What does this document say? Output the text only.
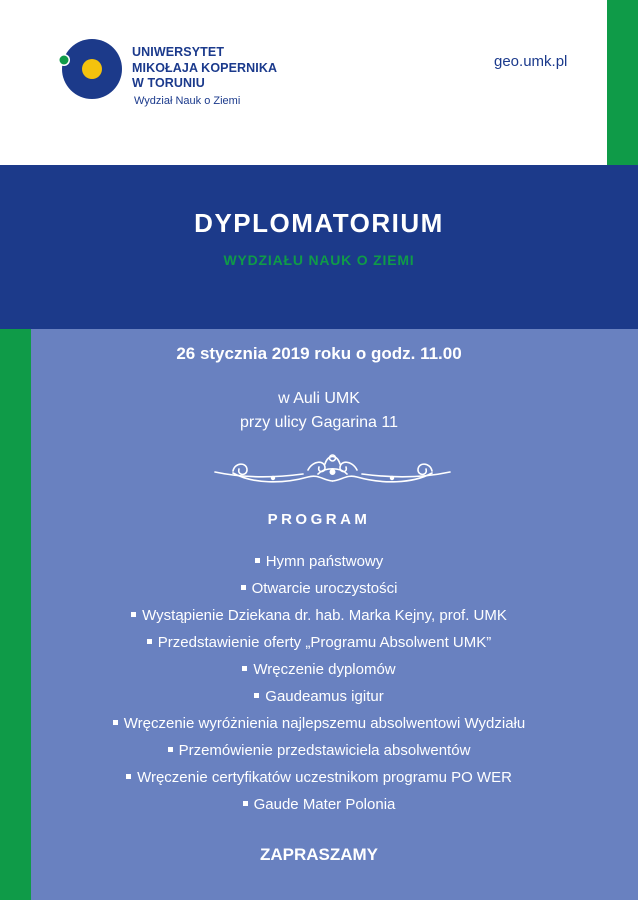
UNIWERSYTET
MIKOŁAJA KOPERNIKA
W TORUNIU
Wydział Nauk o Ziemi
geo.umk.pl
DYPLOMATORIUM
WYDZIAŁU NAUK O ZIEMI
26 stycznia 2019 roku o godz. 11.00
w Auli UMK
przy ulicy Gagarina 11
PROGRAM
Hymn państwowy
Otwarcie uroczystości
Wystąpienie Dziekana dr. hab. Marka Kejny, prof. UMK
Przedstawienie oferty „Programu Absolwent UMK”
Wręczenie dyplomów
Gaudeamus igitur
Wręczenie wyróżnienia najlepszemu absolwentowi Wydziału
Przemówienie przedstawiciela absolwentów
Wręczenie certyfikatów uczestnikom programu PO WER
Gaude Mater Polonia
ZAPRASZAMY
